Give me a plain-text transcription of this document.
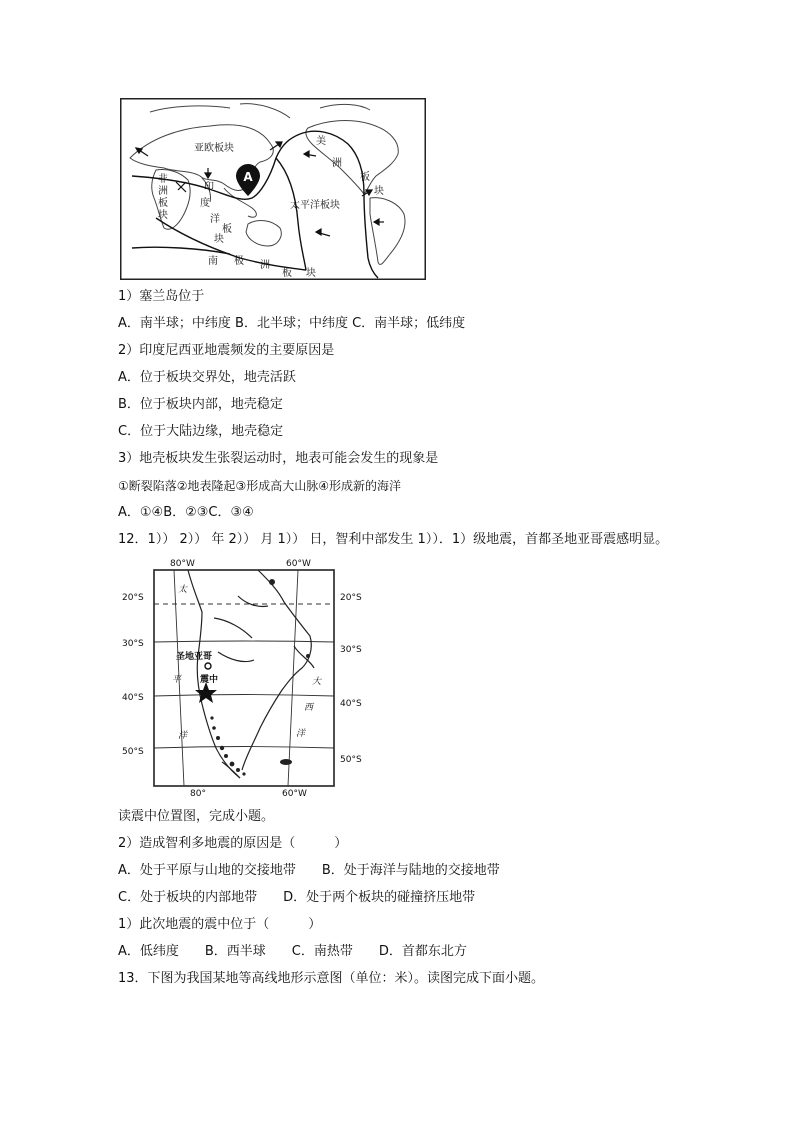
A
亚欧板块
美
洲
板
块
非
洲
板
块
印
度
洋
板
块
太平洋板块
南 极 洲
板 块
1）塞兰岛位于
A．南半球；中纬度 B．北半球；中纬度 C．南半球；低纬度
2）印度尼西亚地震频发的主要原因是
A．位于板块交界处，地壳活跃
B．位于板块内部，地壳稳定
C．位于大陆边缘，地壳稳定
3）地壳板块发生张裂运动时，地表可能会发生的现象是
①断裂陷落②地表隆起③形成高大山脉④形成新的海洋
A．①④B．②③C．③④
12．1）） 2）） 年 2）） 月 1）） 日，智利中部发生 1））．1）级地震，首都圣地亚哥震感明显。
80°W	60°W
80°	60°W
20°S
30°S
40°S
50°S
20°S
30°S
40°S
50°S
圣地亚哥
震中
太
平
洋
大
西
洋
读震中位置图，完成小题。
2）造成智利多地震的原因是（　　　）
A．处于平原与山地的交接地带　　B．处于海洋与陆地的交接地带
C．处于板块的内部地带　　D．处于两个板块的碰撞挤压地带
1）此次地震的震中位于（　　　）
A．低纬度　　B．西半球　　C．南热带　　D．首都东北方
13．下图为我国某地等高线地形示意图（单位：米）。读图完成下面小题。
